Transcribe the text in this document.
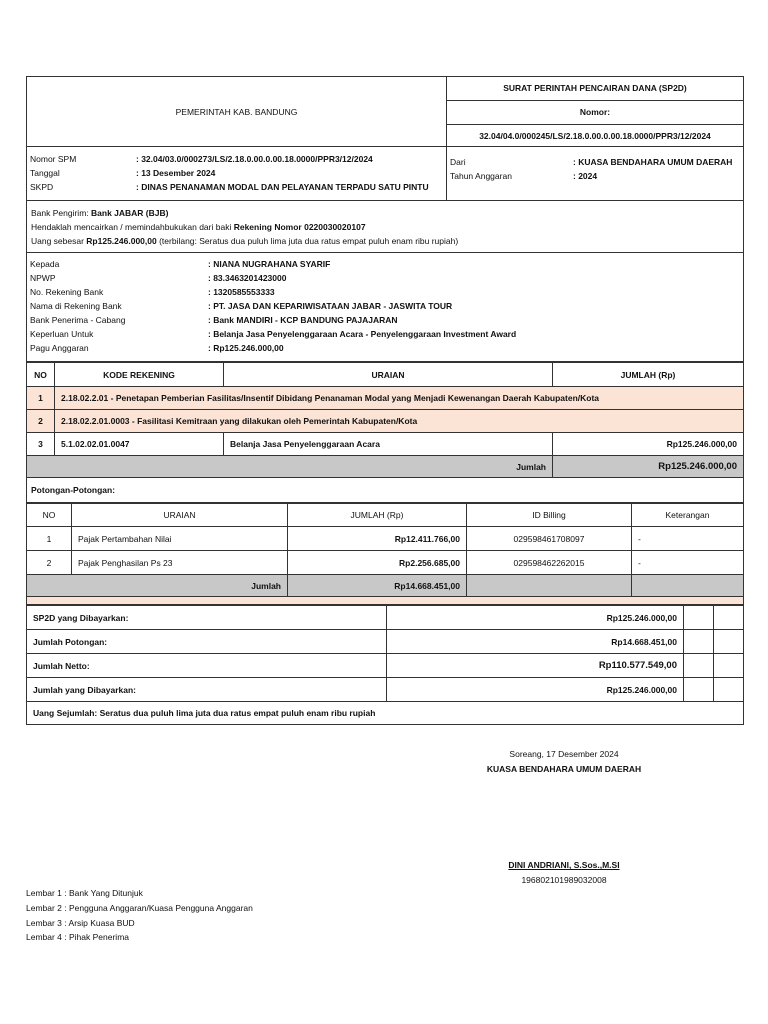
PEMERINTAH KAB. BANDUNG
SURAT PERINTAH PENCAIRAN DANA (SP2D)
Nomor:
32.04/04.0/000245/LS/2.18.0.00.0.00.18.0000/PPR3/12/2024
Nomor SPM	: 32.04/03.0/000273/LS/2.18.0.00.0.00.18.0000/PPR3/12/2024
Tanggal	: 13 Desember 2024
SKPD	: DINAS PENANAMAN MODAL DAN PELAYANAN TERPADU SATU PINTU
Dari	: KUASA BENDAHARA UMUM DAERAH
Tahun Anggaran	: 2024
Bank Pengirim: Bank JABAR (BJB)
Hendaklah mencairkan / memindahbukukan dari baki Rekening Nomor 0220030020107
Uang sebesar Rp125.246.000,00 (terbilang: Seratus dua puluh lima juta dua ratus empat puluh enam ribu rupiah)
Kepada	: NIANA NUGRAHANA SYARIF
NPWP	: 83.3463201423000
No. Rekening Bank	: 1320585553333
Nama di Rekening Bank	: PT. JASA DAN KEPARIWISATAAN JABAR - JASWITA TOUR
Bank Penerima - Cabang	: Bank MANDIRI - KCP BANDUNG PAJAJARAN
Keperluan Untuk	: Belanja Jasa Penyelenggaraan Acara - Penyelenggaraan Investment Award
Pagu Anggaran	: Rp125.246.000,00
NO	KODE REKENING	URAIAN	JUMLAH (Rp)
1	2.18.02.2.01 - Penetapan Pemberian Fasilitas/Insentif Dibidang Penanaman Modal yang Menjadi Kewenangan Daerah Kabupaten/Kota		
2	2.18.02.2.01.0003 - Fasilitasi Kemitraan yang dilakukan oleh Pemerintah Kabupaten/Kota		
3	5.1.02.02.01.0047	Belanja Jasa Penyelenggaraan Acara	Rp125.246.000,00
Jumlah			Rp125.246.000,00
Potongan-Potongan:
NO	URAIAN	JUMLAH (Rp)	ID Billing	Keterangan
1	Pajak Pertambahan Nilai	Rp12.411.766,00	029598461708097	-
2	Pajak Penghasilan Ps 23	Rp2.256.685,00	029598462262015	-
Jumlah		Rp14.668.451,00		
SP2D yang Dibayarkan:	Rp125.246.000,00		
Jumlah Potongan:	Rp14.668.451,00		
Jumlah Netto:	Rp110.577.549,00		
Jumlah yang Dibayarkan:	Rp125.246.000,00		
Uang Sejumlah: Seratus dua puluh lima juta dua ratus empat puluh enam ribu rupiah			
Soreang, 17 Desember 2024
KUASA BENDAHARA UMUM DAERAH
DINI ANDRIANI, S.Sos.,M.SI
196802101989032008
Lembar 1 : Bank Yang Ditunjuk
Lembar 2 : Pengguna Anggaran/Kuasa Pengguna Anggaran
Lembar 3 : Arsip Kuasa BUD
Lembar 4 : Pihak Penerima
